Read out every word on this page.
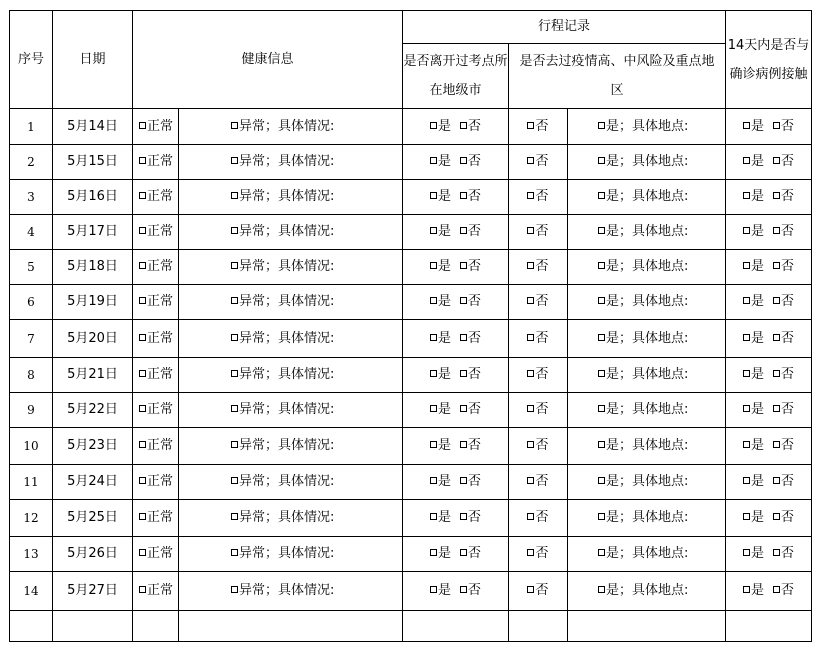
序号	日期	健康信息		行程记录			14天内是否与确诊病例接触
				是否离开过考点所在地级市	是否去过疫情高、中风险及重点地区		
1	5月14日	正常	异常；具体情况:	是 否	否	是；具体地点:	是 否
2	5月15日	正常	异常；具体情况:	是 否	否	是；具体地点:	是 否
3	5月16日	正常	异常；具体情况:	是 否	否	是；具体地点:	是 否
4	5月17日	正常	异常；具体情况:	是 否	否	是；具体地点:	是 否
5	5月18日	正常	异常；具体情况:	是 否	否	是；具体地点:	是 否
6	5月19日	正常	异常；具体情况:	是 否	否	是；具体地点:	是 否
7	5月20日	正常	异常；具体情况:	是 否	否	是；具体地点:	是 否
8	5月21日	正常	异常；具体情况:	是 否	否	是；具体地点:	是 否
9	5月22日	正常	异常；具体情况:	是 否	否	是；具体地点:	是 否
10	5月23日	正常	异常；具体情况:	是 否	否	是；具体地点:	是 否
11	5月24日	正常	异常；具体情况:	是 否	否	是；具体地点:	是 否
12	5月25日	正常	异常；具体情况:	是 否	否	是；具体地点:	是 否
13	5月26日	正常	异常；具体情况:	是 否	否	是；具体地点:	是 否
14	5月27日	正常	异常；具体情况:	是 否	否	是；具体地点:	是 否
